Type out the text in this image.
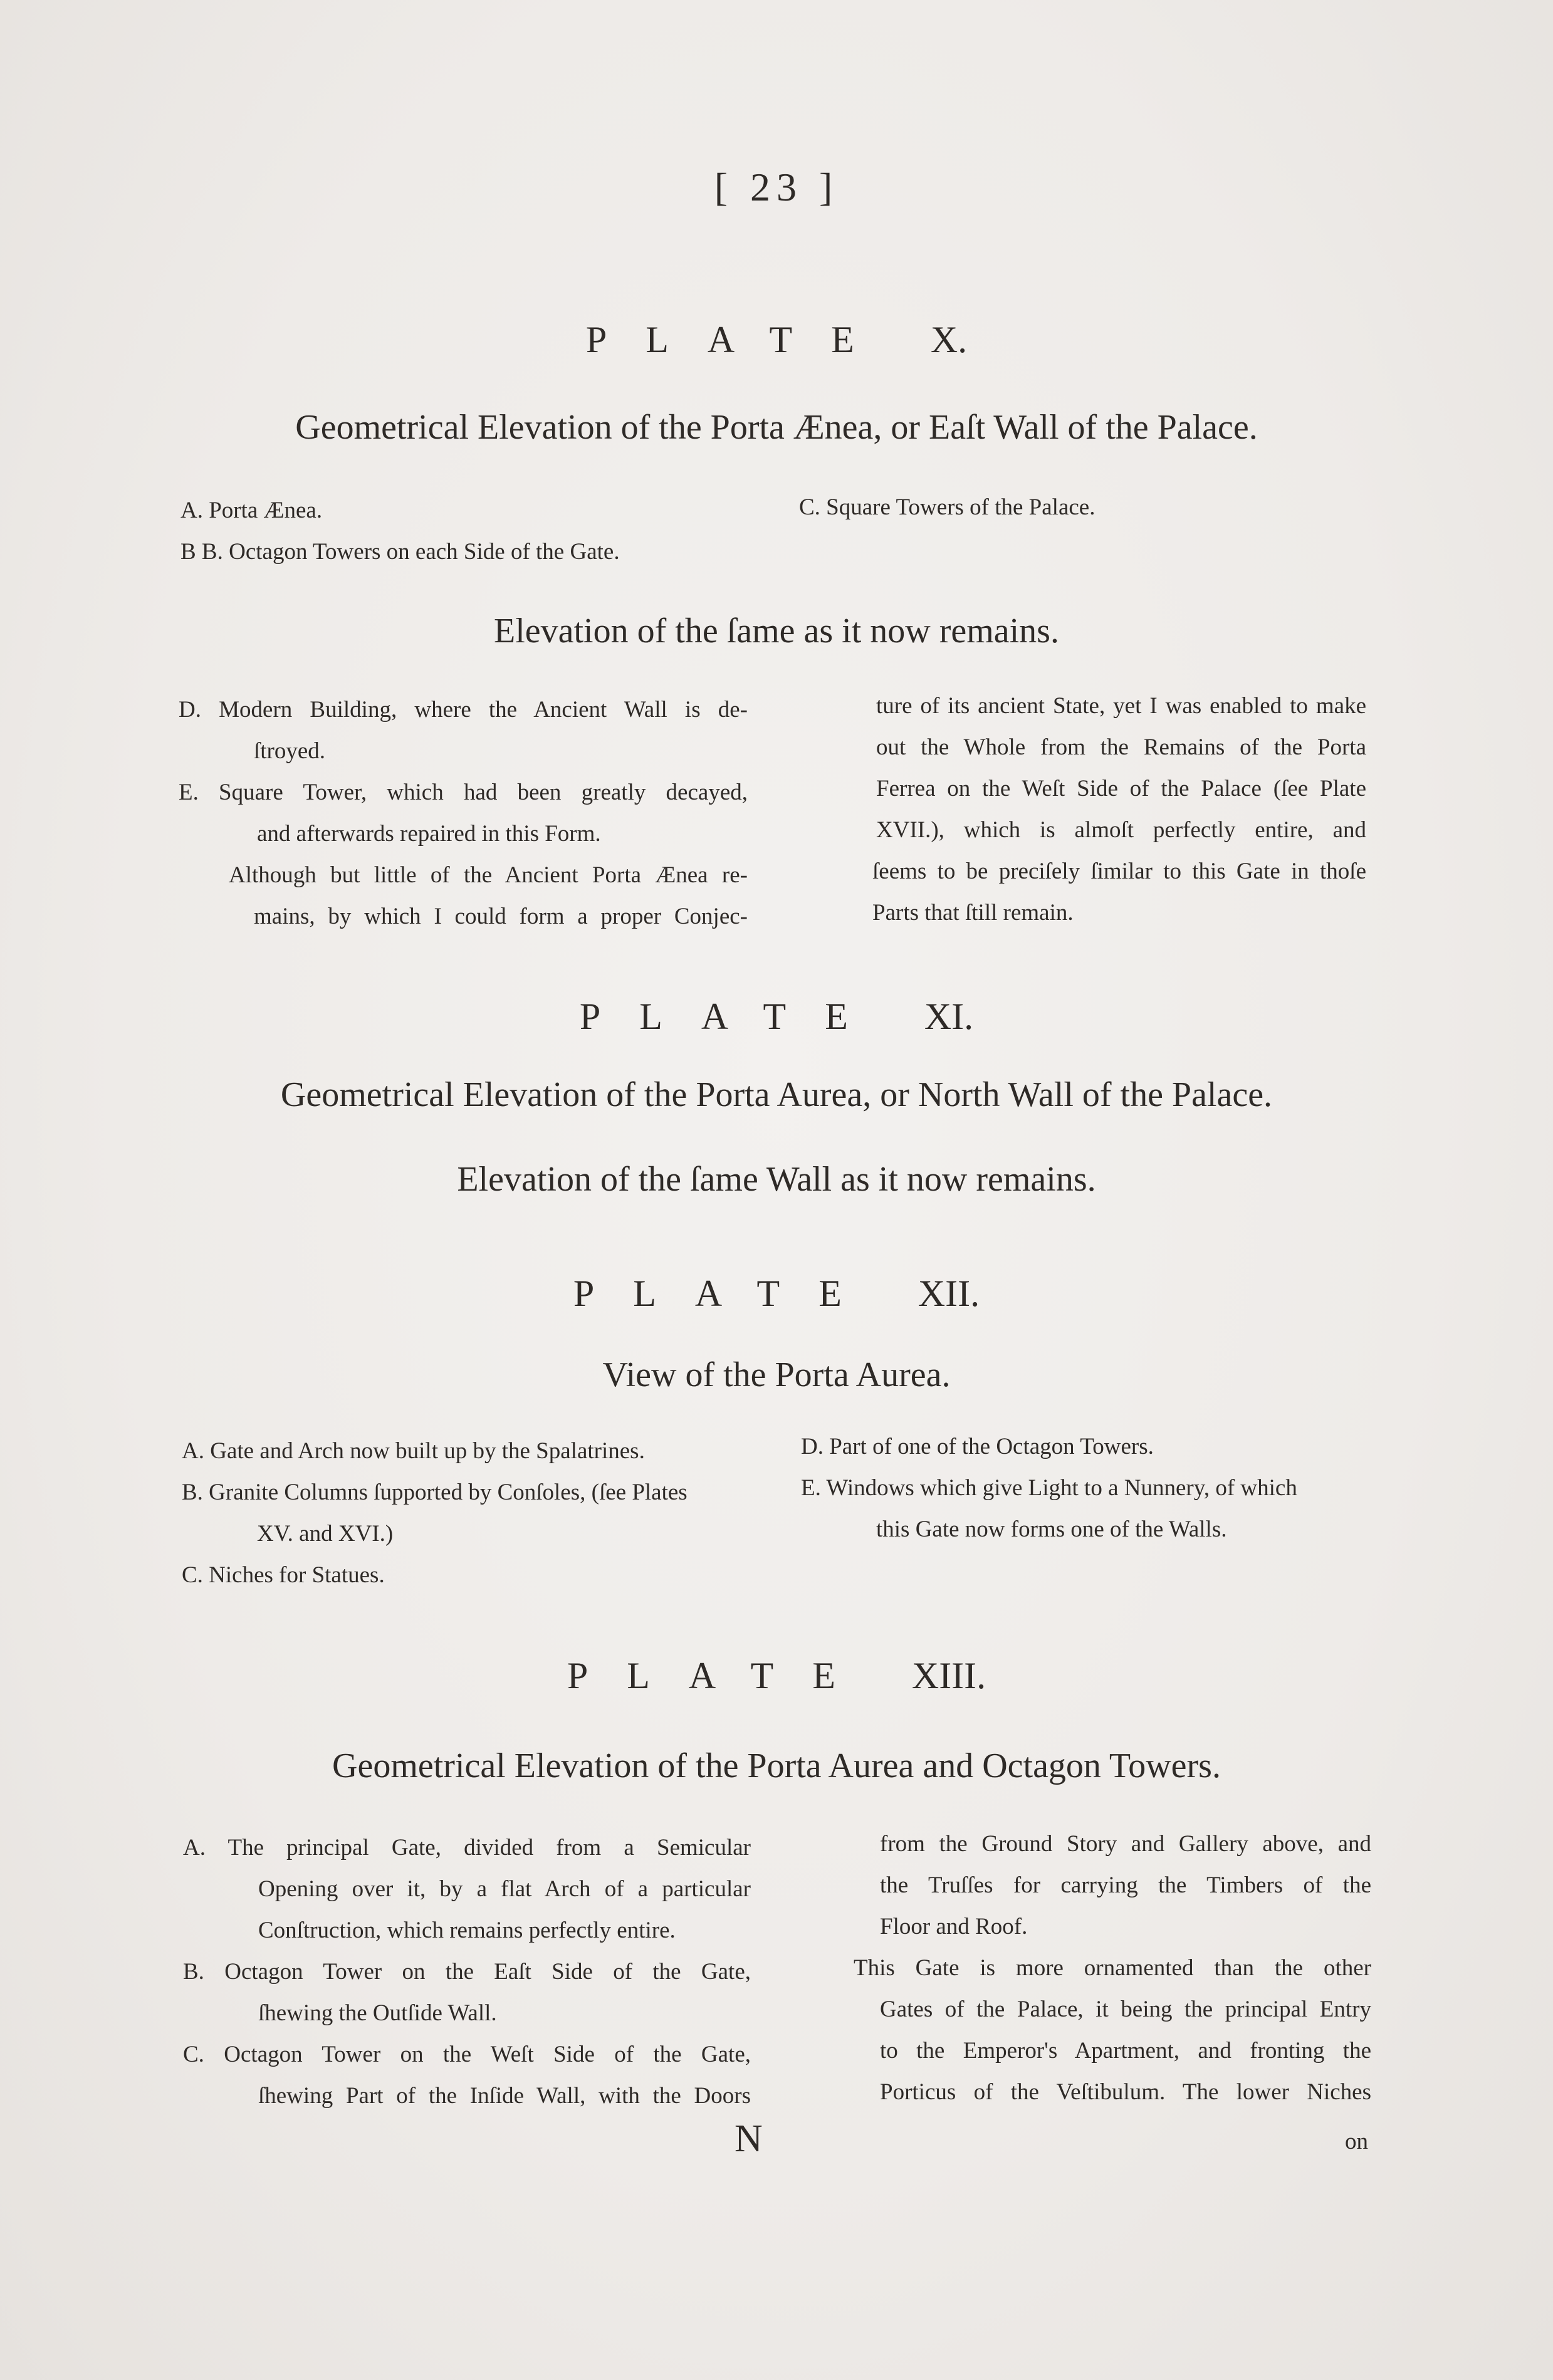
[ 23 ]
PLATE X.
Geometrical Elevation of the Porta Ænea, or Eaſt Wall of the Palace.

A. Porta Ænea.

B B. Octagon Towers on each Side of the Gate.

C. Square Towers of the Palace.

Elevation of the ſame as it now remains.

D. Modern Building, where the Ancient Wall is de-

ſtroyed.

E. Square Tower, which had been greatly decayed,

and afterwards repaired in this Form.

Although but little of the Ancient Porta Ænea re-

mains, by which I could form a proper Conjec-

ture of its ancient State, yet I was enabled to make

out the Whole from the Remains of the Porta

Ferrea on the Weſt Side of the Palace (ſee Plate

XVII.), which is almoſt perfectly entire, and

ſeems to be preciſely ſimilar to this Gate in thoſe

Parts that ſtill remain.

PLATE XI.
Geometrical Elevation of the Porta Aurea, or North Wall of the Palace.
Elevation of the ſame Wall as it now remains.
PLATE XII.
View of the Porta Aurea.

A. Gate and Arch now built up by the Spalatrines.

B. Granite Columns ſupported by Conſoles, (ſee Plates

XV. and XVI.)

C. Niches for Statues.

D. Part of one of the Octagon Towers.

E. Windows which give Light to a Nunnery, of which

this Gate now forms one of the Walls.

PLATE XIII.
Geometrical Elevation of the Porta Aurea and Octagon Towers.

A. The principal Gate, divided from a Semicular

Opening over it, by a flat Arch of a particular

Conſtruction, which remains perfectly entire.

B. Octagon Tower on the Eaſt Side of the Gate,

ſhewing the Outſide Wall.

C. Octagon Tower on the Weſt Side of the Gate,

ſhewing Part of the Inſide Wall, with the Doors

from the Ground Story and Gallery above, and

the Truſſes for carrying the Timbers of the

Floor and Roof.

This Gate is more ornamented than the other

Gates of the Palace, it being the principal Entry

to the Emperor's Apartment, and fronting the

Porticus of the Veſtibulum. The lower Niches

N	on
